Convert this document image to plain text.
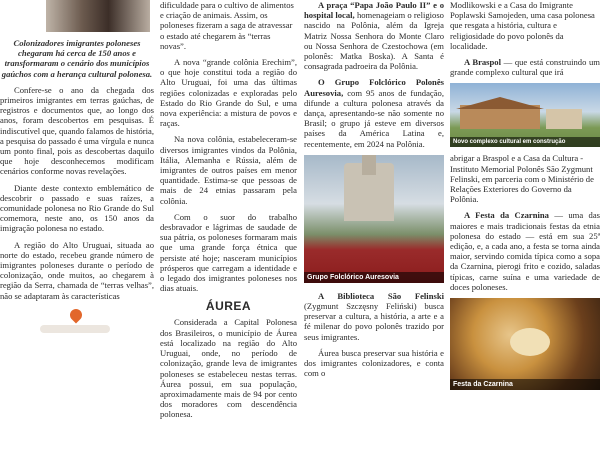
Colonizadores imigrantes poloneses chegaram há cerca de 150 anos e transformaram o cenário dos municípios gaúchos com a herança cultural polonesa.

Confere-se o ano da chegada dos primeiros imigrantes em terras gaúchas, de registros e documentos que, ao longo dos anos, foram descobertos em pesquisas. É indiscutível que, quando falamos de história, a pesquisa do passado é uma vírgula e nunca um ponto final, pois as descobertas daquilo que hoje desconhecemos modificam cenários conforme novas revelações.

Diante deste contexto emblemático de descobrir o passado e suas raízes, a comunidade polonesa no Rio Grande do Sul comemora, neste ano, os 150 anos da imigração polonesa no estado.

A região do Alto Uruguai, situada ao norte do estado, recebeu grande número de imigrantes poloneses durante o período de colonização, onde muitos, ao chegarem à região da Serra, chamada de “terras velhas”, não se adaptaram às características

dificuldade para o cultivo de alimentos e criação de animais. Assim, os poloneses fizeram a saga de atravessar o estado até chegarem às “terras novas”.

A nova “grande colônia Erechim”, o que hoje constitui toda a região do Alto Uruguai, foi uma das últimas regiões colonizadas e exploradas pelo Estado do Rio Grande do Sul, e uma nova experiência: a mistura de povos e raças.

Na nova colônia, estabeleceram-se diversos imigrantes vindos da Polônia, Itália, Alemanha e Rússia, além de imigrantes de outros países em menor quantidade. Estima-se que pessoas de mais de 24 etnias passaram pela colônia.

Com o suor do trabalho desbravador e lágrimas de saudade de sua pátria, os poloneses formaram mais que uma grande força étnica que persiste até hoje; nasceram municípios prósperos que carregam a identidade e o legado dos imigrantes poloneses nos dias atuais.

ÁUREA

Considerada a Capital Polonesa dos Brasileiros, o município de Áurea está localizado na região do Alto Uruguai, onde, no período de colonização, grande leva de imigrantes poloneses se estabeleceu nestas terras. Áurea possui, em sua população, aproximadamente mais de 94 por cento dos moradores com descendência polonesa.

A praça “Papa João Paulo II” e o hospital local, homenageiam o religioso nascido na Polônia, além da Igreja Matriz Nossa Senhora do Monte Claro ou Nossa Senhora de Czestochowa (em polonês: Matka Boska). A Santa é consagrada padroeira da Polônia.

O Grupo Folclórico Polonês Auresovia, com 95 anos de fundação, difunde a cultura polonesa através da dança, apresentando-se não somente no Brasil; o grupo já esteve em diversos países da América Latina e, recentemente, em 2024 na Polônia.

Grupo Folclórico Auresovia

A Biblioteca São Felinski (Zygmunt Szczęsny Feliński) busca preservar a cultura, a história, a arte e a fé milenar do povo polonês trazido por seus imigrantes.

Áurea busca preservar sua história e dos imigrantes colonizadores, e conta com o

Modlikowski e a Casa do Imigrante Poplawski Samojeden, uma casa polonesa que resgata a história, cultura e religiosidade do povo polonês da localidade.

A Braspol — que está construindo um grande complexo cultural que irá

Novo complexo cultural em construção

abrigar a Braspol e a Casa da Cultura - Instituto Memorial Polonês São Zygmunt Felinski, em parceria com o Ministério de Relações Exteriores do Governo da Polônia.

A Festa da Czarnina — uma das maiores e mais tradicionais festas da etnia polonesa do estado — está em sua 25ª edição, e, a cada ano, a festa se torna ainda maior, servindo comida típica como a sopa da Czarnina, pierogi frito e cozido, saladas típicas, carne suína e uma variedade de doces poloneses.

Festa da Czarnina
